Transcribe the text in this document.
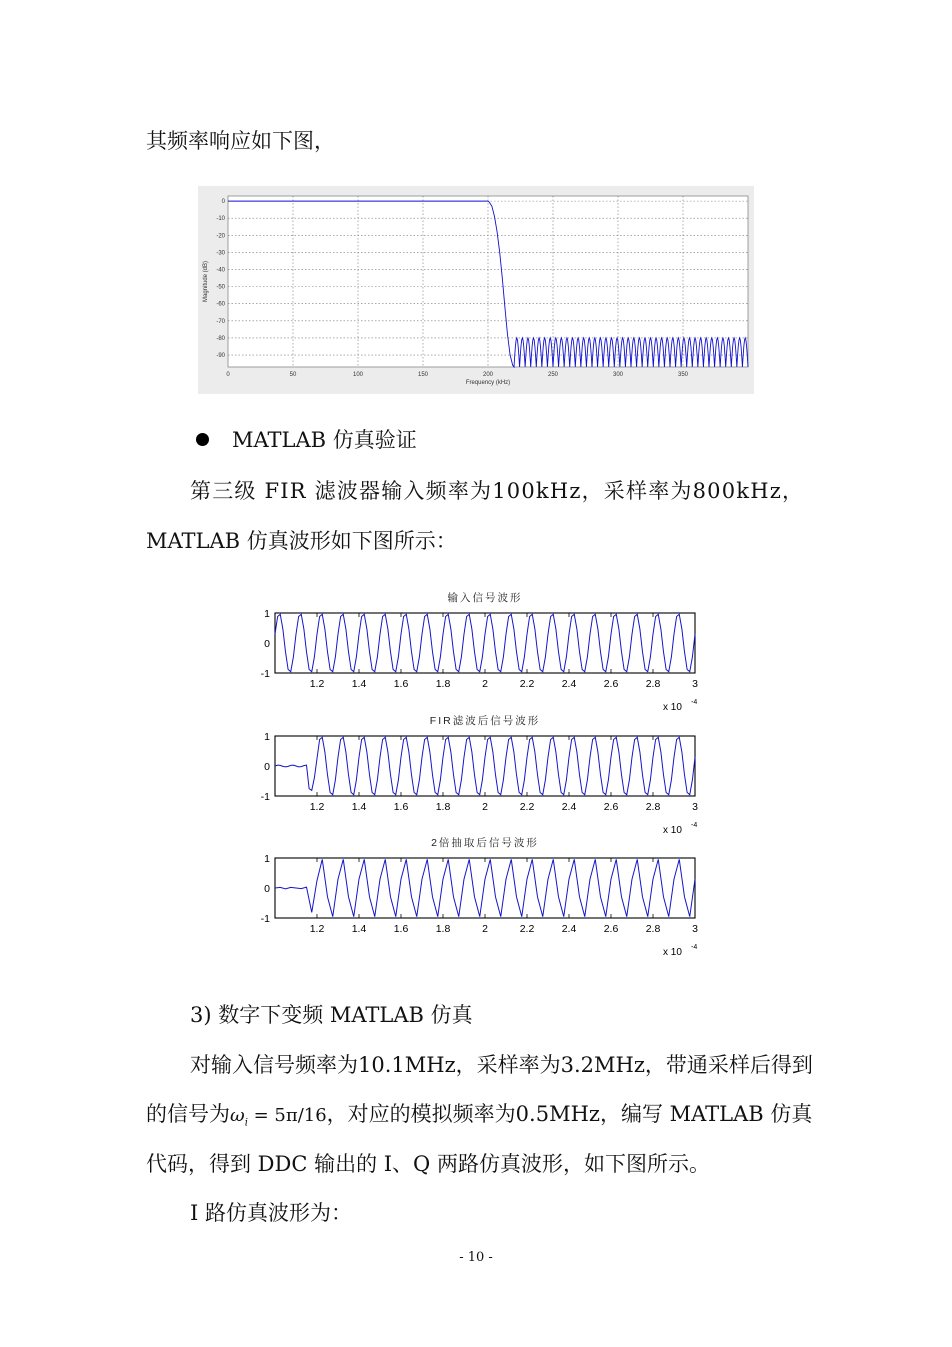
其频率响应如下图，
0	50	100	150	200	250	300	350
0
-10
-20
-30
-40
-50
-60
-70
-80
-90
Frequency (kHz)
Magnitude (dB)
MATLAB 仿真验证
第三级 FIR 滤波器输入频率为100kHz，采样率为800kHz，
MATLAB 仿真波形如下图所示：
输入信号波形
1.2	1.4	1.6	1.8	2	2.2	2.4	2.6	2.8	3
1
0
-1
x 10 -4
FIR滤波后信号波形
1.2	1.4	1.6	1.8	2	2.2	2.4	2.6	2.8	3
1
0
-1
x 10 -4
2倍抽取后信号波形
1.2	1.4	1.6	1.8	2	2.2	2.4	2.6	2.8	3
1
0
-1
x 10 -4
3) 数字下变频 MATLAB 仿真
对输入信号频率为10.1MHz，采样率为3.2MHz，带通采样后得到
的信号为$\omega_i = 5\pi/16$，对应的模拟频率为0.5MHz，编写 MATLAB 仿真
代码，得到 DDC 输出的 I、Q 两路仿真波形，如下图所示。
I 路仿真波形为：
- 10 -
